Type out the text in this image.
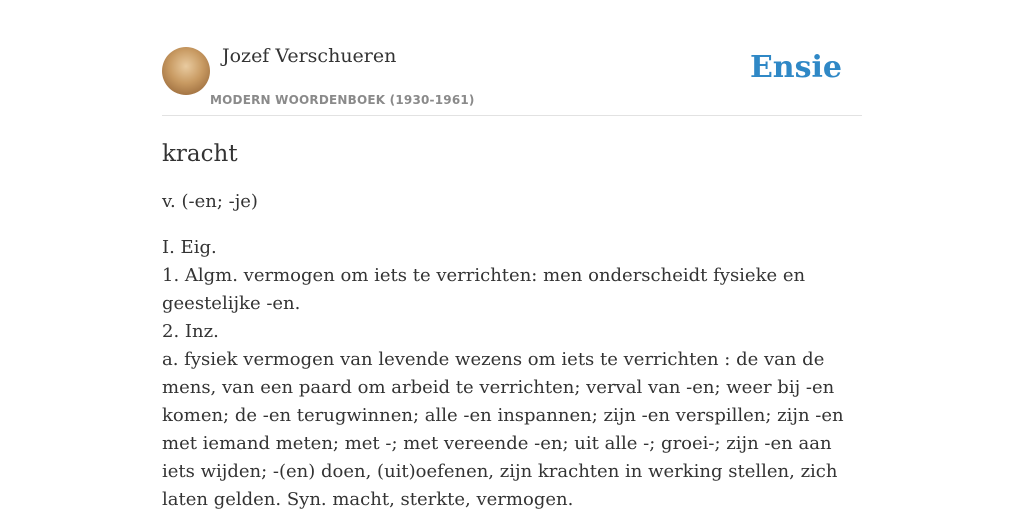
Jozef Verschueren
MODERN WOORDENBOEK (1930-1961)
Ensie
kracht

v. (-en; -je)

I. Eig.
1. Algm. vermogen om iets te verrichten: men onderscheidt fysieke en geestelijke -en.
2. Inz.
a. fysiek vermogen van levende wezens om iets te verrichten : de van de mens, van een paard om arbeid te verrichten; verval van -en; weer bij -en komen; de -en terugwinnen; alle -en inspannen; zijn -en verspillen; zijn -en met iemand meten; met -; met vereende -en; uit alle -; groei-; zijn -en aan iets wijden; -(en) doen, (uit)oefenen, zijn krachten in werking stellen, zich laten gelden. Syn. macht, sterkte, vermogen.
